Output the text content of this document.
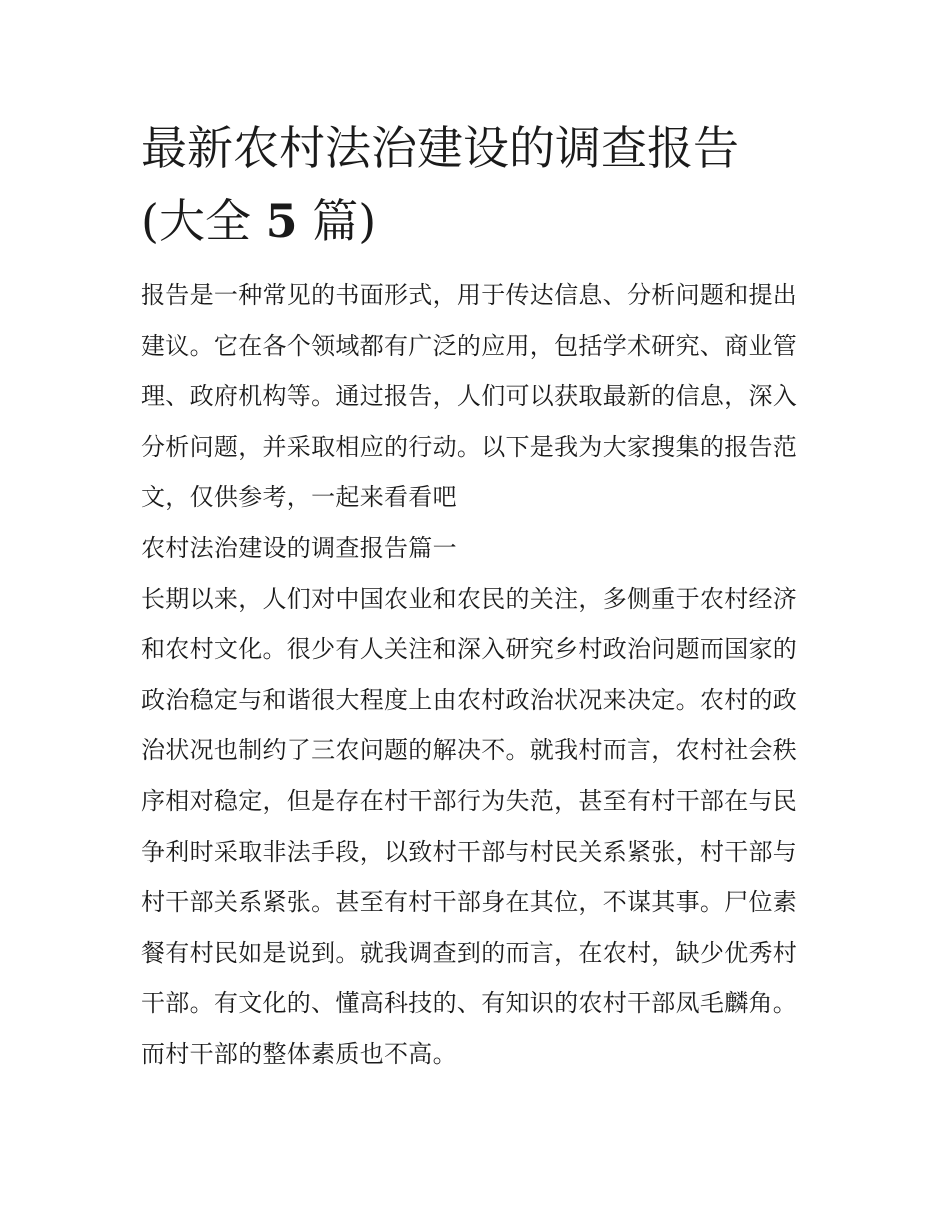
最新农村法治建设的调查报告
(大全 5 篇)
报告是一种常见的书面形式，用于传达信息、分析问题和提出
建议。它在各个领域都有广泛的应用，包括学术研究、商业管
理、政府机构等。通过报告，人们可以获取最新的信息，深入
分析问题，并采取相应的行动。以下是我为大家搜集的报告范
文，仅供参考，一起来看看吧
农村法治建设的调查报告篇一
长期以来，人们对中国农业和农民的关注，多侧重于农村经济
和农村文化。很少有人关注和深入研究乡村政治问题而国家的
政治稳定与和谐很大程度上由农村政治状况来决定。农村的政
治状况也制约了三农问题的解决不。就我村而言，农村社会秩
序相对稳定，但是存在村干部行为失范，甚至有村干部在与民
争利时采取非法手段，以致村干部与村民关系紧张，村干部与
村干部关系紧张。甚至有村干部身在其位，不谋其事。尸位素
餐有村民如是说到。就我调查到的而言，在农村，缺少优秀村
干部。有文化的、懂高科技的、有知识的农村干部凤毛麟角。
而村干部的整体素质也不高。
